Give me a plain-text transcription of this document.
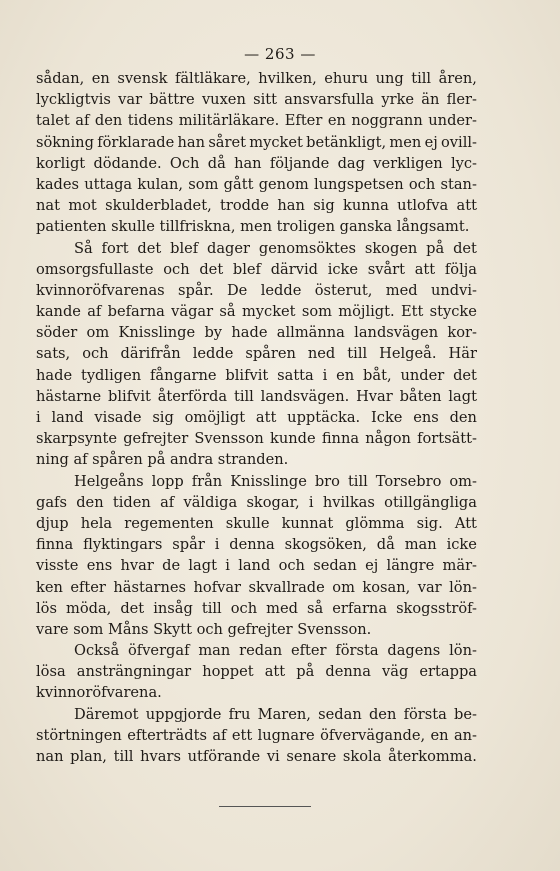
— 263 —
sådan, en svensk fältläkare, hvilken, ehuru ung till åren,
lyckligtvis var bättre vuxen sitt ansvarsfulla yrke än fler-
talet af den tidens militärläkare. Efter en noggrann under-
sökning förklarade han såret mycket betänkligt, men ej ovill-
korligt dödande. Och då han följande dag verkligen lyc-
kades uttaga kulan, som gått genom lungspetsen och stan-
nat mot skulderbladet, trodde han sig kunna utlofva att
patienten skulle tillfriskna, men troligen ganska långsamt.
Så fort det blef dager genomsöktes skogen på det
omsorgsfullaste och det blef därvid icke svårt att följa
kvinnoröfvarenas spår. De ledde österut, med undvi-
kande af befarna vägar så mycket som möjligt. Ett stycke
söder om Knisslinge by hade allmänna landsvägen kor-
sats, och därifrån ledde spåren ned till Helgeå. Här
hade tydligen fångarne blifvit satta i en båt, under det
hästarne blifvit återförda till landsvägen. Hvar båten lagt
i land visade sig omöjligt att upptäcka. Icke ens den
skarpsynte gefrejter Svensson kunde finna någon fortsätt-
ning af spåren på andra stranden.
Helgeåns lopp från Knisslinge bro till Torsebro om-
gafs den tiden af väldiga skogar, i hvilkas otillgängliga
djup hela regementen skulle kunnat glömma sig. Att
finna flyktingars spår i denna skogsöken, då man icke
visste ens hvar de lagt i land och sedan ej längre mär-
ken efter hästarnes hofvar skvallrade om kosan, var lön-
lös möda, det insåg till och med så erfarna skogsströf-
vare som Måns Skytt och gefrejter Svensson.
Också öfvergaf man redan efter första dagens lön-
lösa ansträngningar hoppet att på denna väg ertappa
kvinnoröfvarena.
Däremot uppgjorde fru Maren, sedan den första be-
störtningen efterträdts af ett lugnare öfvervägande, en an-
nan plan, till hvars utförande vi senare skola återkomma.
